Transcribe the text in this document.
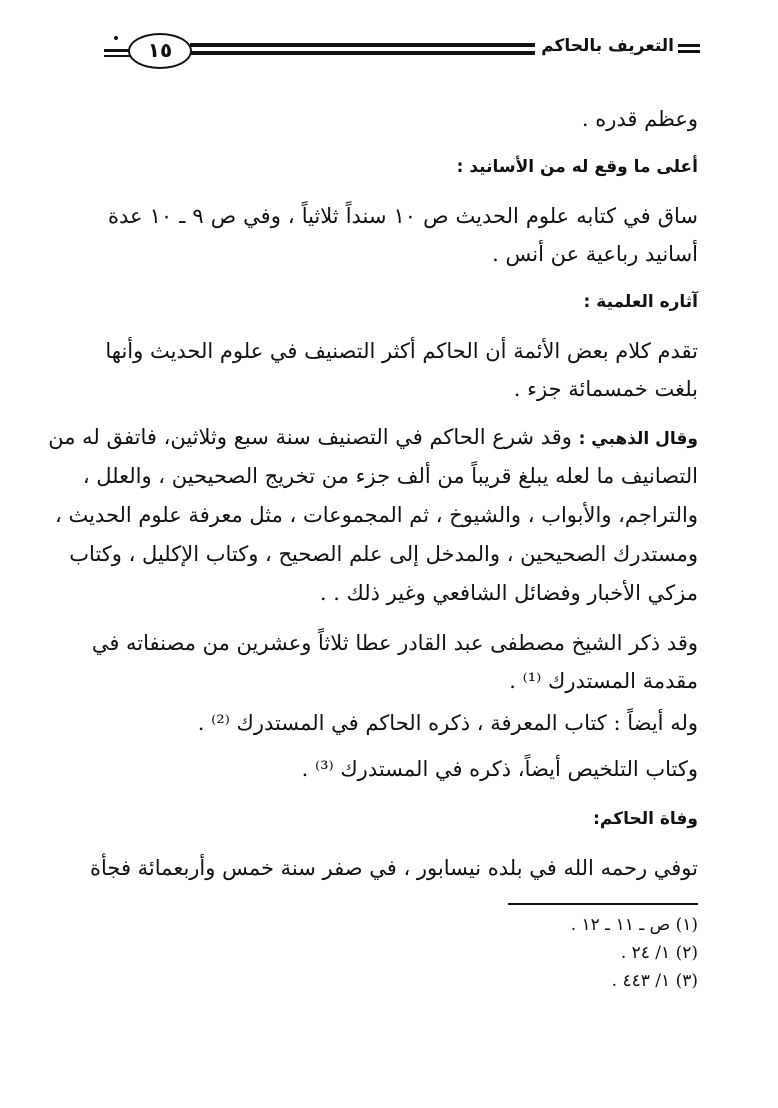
التعريف بالحاكم
١٥
وعظم قدره .
أعلى ما وقع له من الأسانيد :
ساق في كتابه علوم الحديث ص ١٠ سنداً ثلاثياً ، وفي ص ٩ ـ ١٠ عدة
أسانيد رباعية عن أنس .
آثاره العلمية :
تقدم كلام بعض الأئمة أن الحاكم أكثر التصنيف في علوم الحديث وأنها
بلغت خمسمائة جزء .
وقال الذهبي : وقد شرع الحاكم في التصنيف سنة سبع وثلاثين، فاتفق له من
التصانيف ما لعله يبلغ قريباً من ألف جزء من تخريج الصحيحين ، والعلل ،
والتراجم، والأبواب ، والشيوخ ، ثم المجموعات ، مثل معرفة علوم الحديث ،
ومستدرك الصحيحين ، والمدخل إلى علم الصحيح ، وكتاب الإكليل ، وكتاب
مزكي الأخبار وفضائل الشافعي وغير ذلك . .
وقد ذكر الشيخ مصطفى عبد القادر عطا ثلاثاً وعشرين من مصنفاته في
مقدمة المستدرك ⁽¹⁾ .
وله أيضاً : كتاب المعرفة ، ذكره الحاكم في المستدرك ⁽²⁾ .
وكتاب التلخيص أيضاً، ذكره في المستدرك ⁽³⁾ .
وفاة الحاكم:
توفي رحمه الله في بلده نيسابور ، في صفر سنة خمس وأربعمائة فجأة
(١) ص ـ ١١ ـ ١٢ .
(٢) ١/ ٢٤ .
(٣) ١/ ٤٤٣ .
